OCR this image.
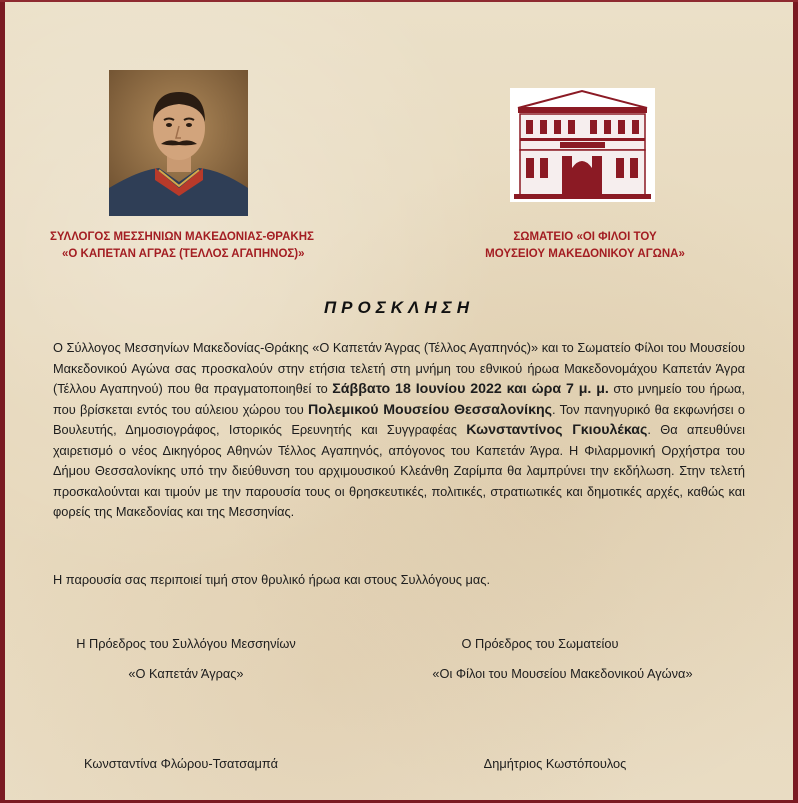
ΣΥΛΛΟΓΟΣ ΜΕΣΣΗΝΙΩΝ ΜΑΚΕΔΟΝΙΑΣ-ΘΡΑΚΗΣ
«Ο ΚΑΠΕΤΑΝ ΑΓΡΑΣ (ΤΕΛΛΟΣ ΑΓΑΠΗΝΟΣ)»
ΣΩΜΑΤΕΙΟ «ΟΙ ΦΙΛΟΙ ΤΟΥ
ΜΟΥΣΕΙΟΥ ΜΑΚΕΔΟΝΙΚΟΥ ΑΓΩΝΑ»
ΠΡΟΣΚΛΗΣΗ
Ο Σύλλογος Μεσσηνίων Μακεδονίας-Θράκης «Ο Καπετάν Άγρας (Τέλλος Αγαπηνός)» και το Σωματείο Φίλοι του Μουσείου Μακεδονικού Αγώνα σας προσκαλούν στην ετήσια τελετή στη μνήμη του εθνικού ήρωα Μακεδονομάχου Καπετάν Άγρα (Τέλλου Αγαπηνού) που θα πραγματοποιηθεί το Σάββατο 18 Ιουνίου 2022 και ώρα 7 μ. μ. στο μνημείο του ήρωα, που βρίσκεται εντός του αύλειου χώρου του Πολεμικού Μουσείου Θεσσαλονίκης. Τον πανηγυρικό θα εκφωνήσει ο Βουλευτής, Δημοσιογράφος, Ιστορικός Ερευνητής και Συγγραφέας Κωνσταντίνος Γκιουλέκας. Θα απευθύνει χαιρετισμό ο νέος Δικηγόρος Αθηνών Τέλλος Αγαπηνός, απόγονος του Καπετάν Άγρα. Η Φιλαρμονική Ορχήστρα του Δήμου Θεσσαλονίκης υπό την διεύθυνση του αρχιμουσικού Κλεάνθη Ζαρίμπα θα λαμπρύνει την εκδήλωση. Στην τελετή προσκαλούνται και τιμούν με την παρουσία τους οι θρησκευτικές, πολιτικές, στρατιωτικές και δημοτικές αρχές, καθώς και φορείς της Μακεδονίας και της Μεσσηνίας.
Η παρουσία σας περιποιεί τιμή στον θρυλικό ήρωα και στους Συλλόγους μας.
Η Πρόεδρος του Συλλόγου Μεσσηνίων
«Ο Καπετάν Άγρας»
Κωνσταντίνα Φλώρου-Τσατσαμπά
Ο Πρόεδρος του Σωματείου
«Οι Φίλοι του Μουσείου Μακεδονικού Αγώνα»
Δημήτριος Κωστόπουλος
